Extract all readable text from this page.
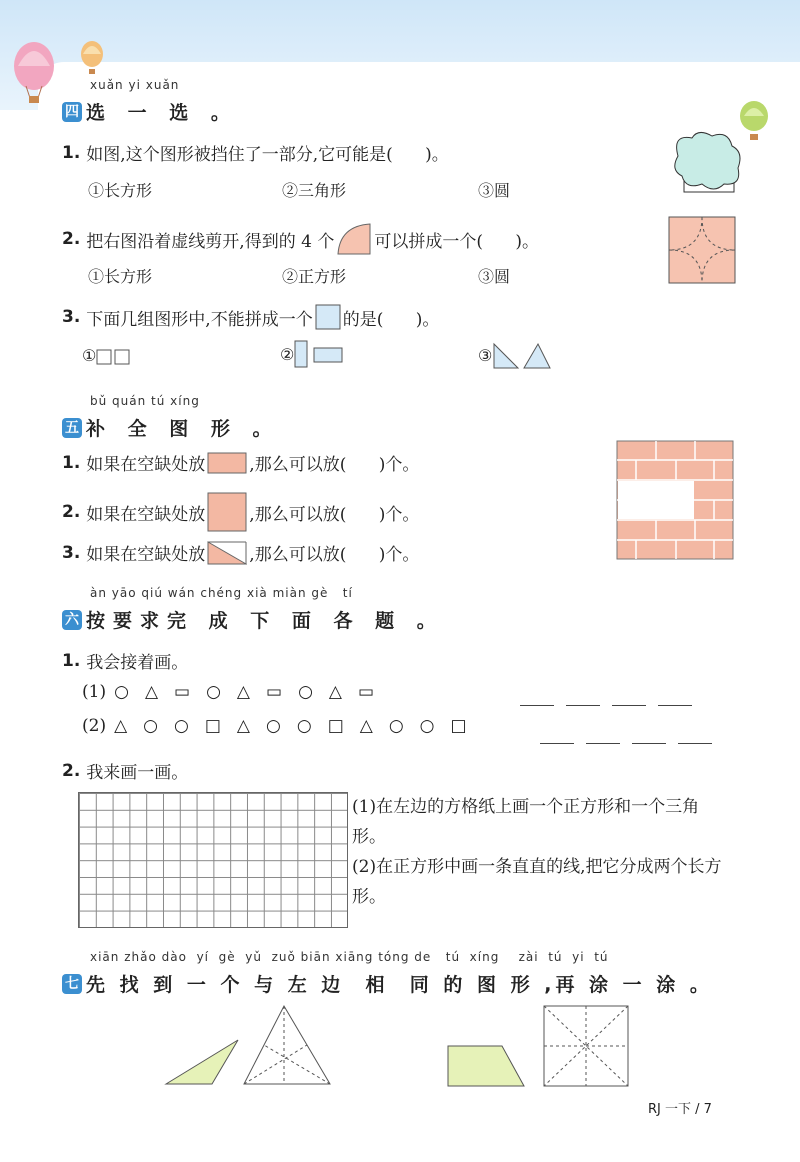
xuǎn yi xuǎn
四 选 一 选 。
1. 如图,这个图形被挡住了一部分,它可能是(      )。
①长方形	②三角形	③圆
2. 把右图沿着虚线剪开,得到的 4 个 可以拼成一个(      )。
①长方形	②正方形	③圆
3. 下面几组图形中,不能拼成一个 的是(      )。
①	②	③
bǔ quán tú xíng
五 补 全 图 形 。
1. 如果在空缺处放	,那么可以放(      )个。
2. 如果在空缺处放	,那么可以放(      )个。
3. 如果在空缺处放	,那么可以放(      )个。
àn yāo qiú wán chéng xià miàn gè   tí
六 按要求完 成 下 面 各 题 。
1. 我会接着画。
(1) ○ △ ▭ ○ △ ▭ ○ △ ▭
(2) △ ○ ○ □ △ ○ ○ □ △ ○ ○ □
2. 我来画一画。
(1)在左边的方格纸上画一个正方形和一个三角形。
(2)在正方形中画一条直直的线,把它分成两个长方形。
xiān zhǎo dào  yí  gè  yǔ  zuǒ biān xiāng tóng de   tú  xíng    zài  tú  yi  tú
七 先 找 到 一 个 与 左 边  相  同 的 图 形 ,再 涂 一 涂 。
RJ 一下 / 7
